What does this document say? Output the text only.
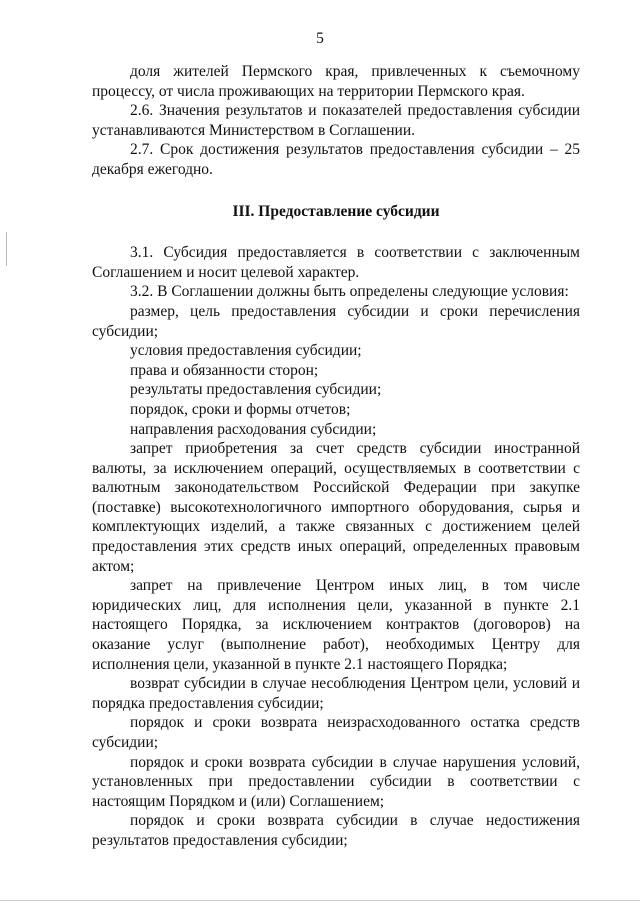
5

доля жителей Пермского края, привлеченных к съемочному процессу, от числа проживающих на территории Пермского края.

2.6. Значения результатов и показателей предоставления субсидии устанавливаются Министерством в Соглашении.

2.7. Срок достижения результатов предоставления субсидии – 25 декабря ежегодно.

III. Предоставление субсидии

3.1. Субсидия предоставляется в соответствии с заключенным Соглашением и носит целевой характер.

3.2. В Соглашении должны быть определены следующие условия:

размер, цель предоставления субсидии и сроки перечисления субсидии;

условия предоставления субсидии;

права и обязанности сторон;

результаты предоставления субсидии;

порядок, сроки и формы отчетов;

направления расходования субсидии;

запрет приобретения за счет средств субсидии иностранной валюты, за исключением операций, осуществляемых в соответствии с валютным законодательством Российской Федерации при закупке (поставке) высокотехнологичного импортного оборудования, сырья и комплектующих изделий, а также связанных с достижением целей предоставления этих средств иных операций, определенных правовым актом;

запрет на привлечение Центром иных лиц, в том числе юридических лиц, для исполнения цели, указанной в пункте 2.1 настоящего Порядка, за исключением контрактов (договоров) на оказание услуг (выполнение работ), необходимых Центру для исполнения цели, указанной в пункте 2.1 настоящего Порядка;

возврат субсидии в случае несоблюдения Центром цели, условий и порядка предоставления субсидии;

порядок и сроки возврата неизрасходованного остатка средств субсидии;

порядок и сроки возврата субсидии в случае нарушения условий, установленных при предоставлении субсидии в соответствии с настоящим Порядком и (или) Соглашением;

порядок и сроки возврата субсидии в случае недостижения результатов предоставления субсидии;
